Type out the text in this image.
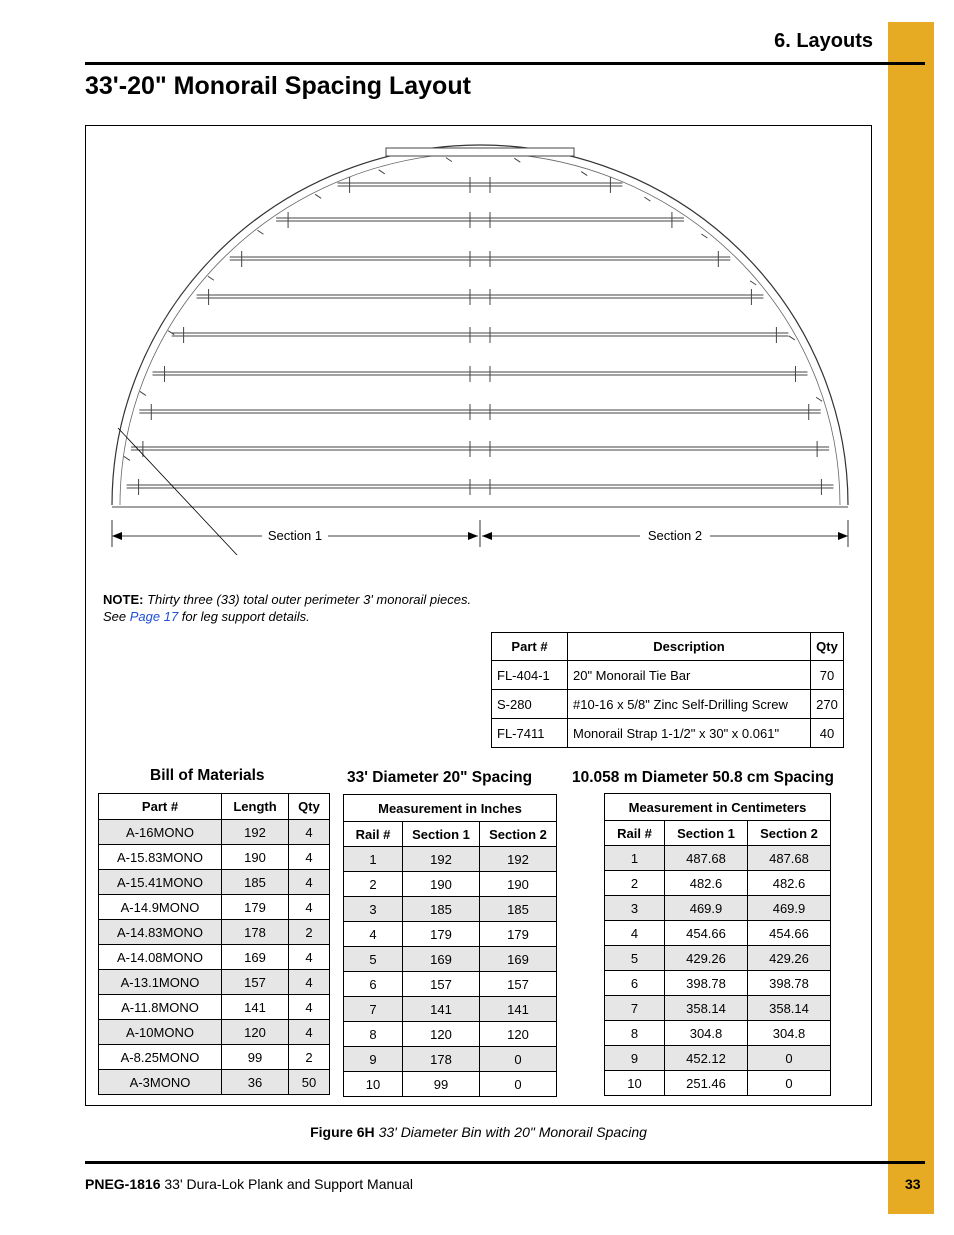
6. Layouts
33'-20" Monorail Spacing Layout
Section 1	Section 2
NOTE: Thirty three (33) total outer perimeter 3' monorail pieces. See Page 17 for leg support details.
Part #	Description	Qty
FL-404-1	20" Monorail Tie Bar	70
S-280	#10-16 x 5/8" Zinc Self-Drilling Screw	270
FL-7411	Monorail Strap 1-1/2" x 30" x 0.061"	40
Bill of Materials	33' Diameter 20" Spacing	10.058 m Diameter 50.8 cm Spacing
Part #	Length	Qty
A-16MONO	192	4
A-15.83MONO	190	4
A-15.41MONO	185	4
A-14.9MONO	179	4
A-14.83MONO	178	2
A-14.08MONO	169	4
A-13.1MONO	157	4
A-11.8MONO	141	4
A-10MONO	120	4
A-8.25MONO	99	2
A-3MONO	36	50
Measurement in Inches		
Rail #	Section 1	Section 2
1	192	192
2	190	190
3	185	185
4	179	179
5	169	169
6	157	157
7	141	141
8	120	120
9	178	0
10	99	0
Measurement in Centimeters		
Rail #	Section 1	Section 2
1	487.68	487.68
2	482.6	482.6
3	469.9	469.9
4	454.66	454.66
5	429.26	429.26
6	398.78	398.78
7	358.14	358.14
8	304.8	304.8
9	452.12	0
10	251.46	0
Figure 6H 33' Diameter Bin with 20" Monorail Spacing
PNEG-1816 33' Dura-Lok Plank and Support Manual	33
